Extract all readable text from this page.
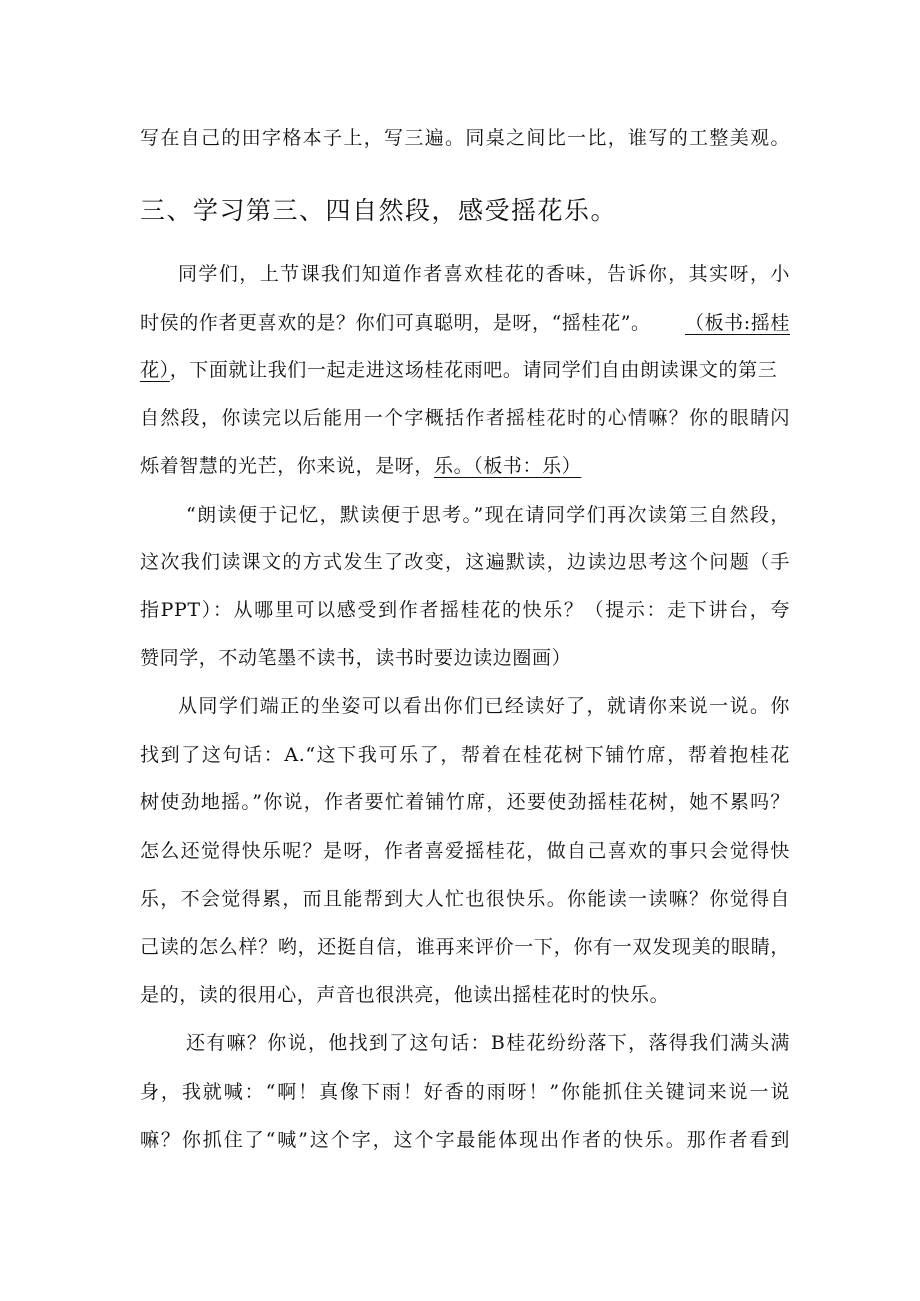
写在自己的田字格本子上，写三遍。同桌之间比一比，谁写的工整美观。
三、学习第三、四自然段，感受摇花乐。
同学们，上节课我们知道作者喜欢桂花的香味，告诉你，其实呀，小
时侯的作者更喜欢的是？你们可真聪明，是呀，“摇桂花”。 （板书:摇桂
花），下面就让我们一起走进这场桂花雨吧。请同学们自由朗读课文的第三
自然段，你读完以后能用一个字概括作者摇桂花时的心情嘛？你的眼睛闪
烁着智慧的光芒，你来说，是呀，乐。（板书：乐）
“朗读便于记忆，默读便于思考。”现在请同学们再次读第三自然段，
这次我们读课文的方式发生了改变，这遍默读，边读边思考这个问题（手
指PPT）：从哪里可以感受到作者摇桂花的快乐？（提示：走下讲台，夸
赞同学，不动笔墨不读书，读书时要边读边圈画）
从同学们端正的坐姿可以看出你们已经读好了，就请你来说一说。你
找到了这句话：A.“这下我可乐了，帮着在桂花树下铺竹席，帮着抱桂花
树使劲地摇。”你说，作者要忙着铺竹席，还要使劲摇桂花树，她不累吗？
怎么还觉得快乐呢？是呀，作者喜爱摇桂花，做自己喜欢的事只会觉得快
乐，不会觉得累，而且能帮到大人忙也很快乐。你能读一读嘛？你觉得自
己读的怎么样？哟，还挺自信，谁再来评价一下，你有一双发现美的眼睛，
是的，读的很用心，声音也很洪亮，他读出摇桂花时的快乐。
还有嘛？你说，他找到了这句话：B桂花纷纷落下，落得我们满头满
身，我就喊：“啊！真像下雨！好香的雨呀！”你能抓住关键词来说一说
嘛？你抓住了“喊”这个字，这个字最能体现出作者的快乐。那作者看到
